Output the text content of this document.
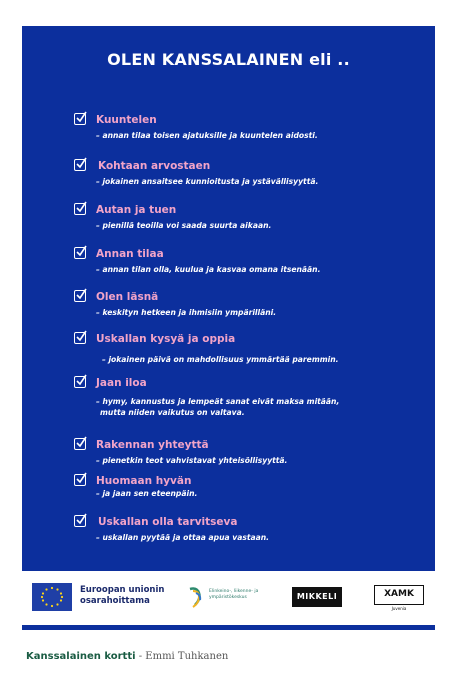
OLEN KANSSALAINEN eli ..
Kuuntelen
– annan tilaa toisen ajatuksille ja kuuntelen aidosti.
Kohtaan arvostaen
– jokainen ansaitsee kunnioitusta ja ystävällisyyttä.
Autan ja tuen
– pienillä teoilla voi saada suurta aikaan.
Annan tilaa
– annan tilan olla, kuulua ja kasvaa omana itsenään.
Olen läsnä
– keskityn hetkeen ja ihmisiin ympärilläni.
Uskallan kysyä ja oppia
– jokainen päivä on mahdollisuus ymmärtää paremmin.
Jaan iloa
– hymy, kannustus ja lempeät sanat eivät maksa mitään,
mutta niiden vaikutus on valtava.
Rakennan yhteyttä
– pienetkin teot vahvistavat yhteisöllisyyttä.
Huomaan hyvän
– ja jaan sen eteenpäin.
Uskallan olla tarvitseva
– uskallan pyytää ja ottaa apua vastaan.
Euroopan unionin
osarahoittama
Elinkeino-, liikenne- ja
ympäristökeskus	MIKKELI	XAMK
Juvenia
Kanssalainen kortti - Emmi Tuhkanen
